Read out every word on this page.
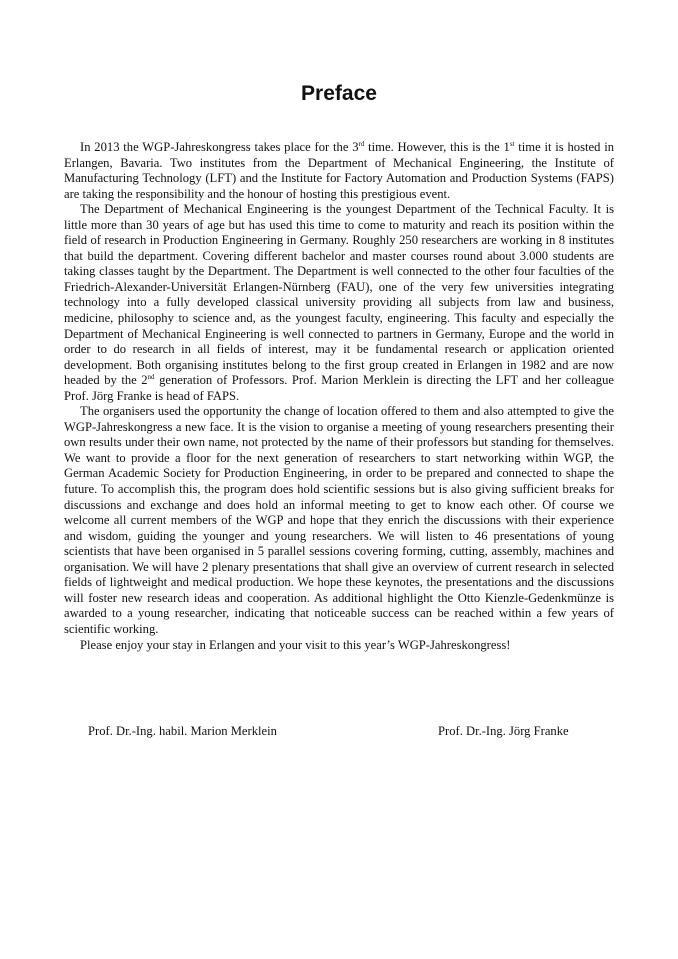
Preface

In 2013 the WGP-Jahreskongress takes place for the 3rd time. However, this is the 1st time it is hosted in Erlangen, Bavaria. Two institutes from the Department of Mechanical Engineering, the Institute of Manufacturing Technology (LFT) and the Institute for Factory Automation and Production Systems (FAPS) are taking the responsibility and the honour of hosting this prestigious event.

The Department of Mechanical Engineering is the youngest Department of the Technical Faculty. It is little more than 30 years of age but has used this time to come to maturity and reach its position within the field of research in Production Engineering in Germany. Roughly 250 researchers are working in 8 institutes that build the department. Covering different bachelor and master courses round about 3.000 students are taking classes taught by the Department. The Department is well connected to the other four faculties of the Friedrich-Alexander-Universität Erlangen-Nürnberg (FAU), one of the very few universities integrating technology into a fully developed classical university providing all subjects from law and business, medicine, philosophy to science and, as the youngest faculty, engineering. This faculty and especially the Department of Mechanical Engineering is well connected to partners in Germany, Europe and the world in order to do research in all fields of interest, may it be fundamental research or application oriented development. Both organising institutes belong to the first group created in Erlangen in 1982 and are now headed by the 2nd generation of Professors. Prof. Marion Merklein is directing the LFT and her colleague Prof. Jörg Franke is head of FAPS.

The organisers used the opportunity the change of location offered to them and also attempted to give the WGP-Jahreskongress a new face. It is the vision to organise a meeting of young researchers presenting their own results under their own name, not protected by the name of their professors but standing for themselves. We want to provide a floor for the next generation of researchers to start networking within WGP, the German Academic Society for Production Engineering, in order to be prepared and connected to shape the future. To accomplish this, the program does hold scientific sessions but is also giving sufficient breaks for discussions and exchange and does hold an informal meeting to get to know each other. Of course we welcome all current members of the WGP and hope that they enrich the discussions with their experience and wisdom, guiding the younger and young researchers. We will listen to 46 presentations of young scientists that have been organised in 5 parallel sessions covering forming, cutting, assembly, machines and organisation. We will have 2 plenary presentations that shall give an overview of current research in selected fields of lightweight and medical production. We hope these keynotes, the presentations and the discussions will foster new research ideas and cooperation. As additional highlight the Otto Kienzle-Gedenkmünze is awarded to a young researcher, indicating that noticeable success can be reached within a few years of scientific working.

Please enjoy your stay in Erlangen and your visit to this year’s WGP-Jahreskongress!

Prof. Dr.-Ing. habil. Marion Merklein	Prof. Dr.-Ing. Jörg Franke
